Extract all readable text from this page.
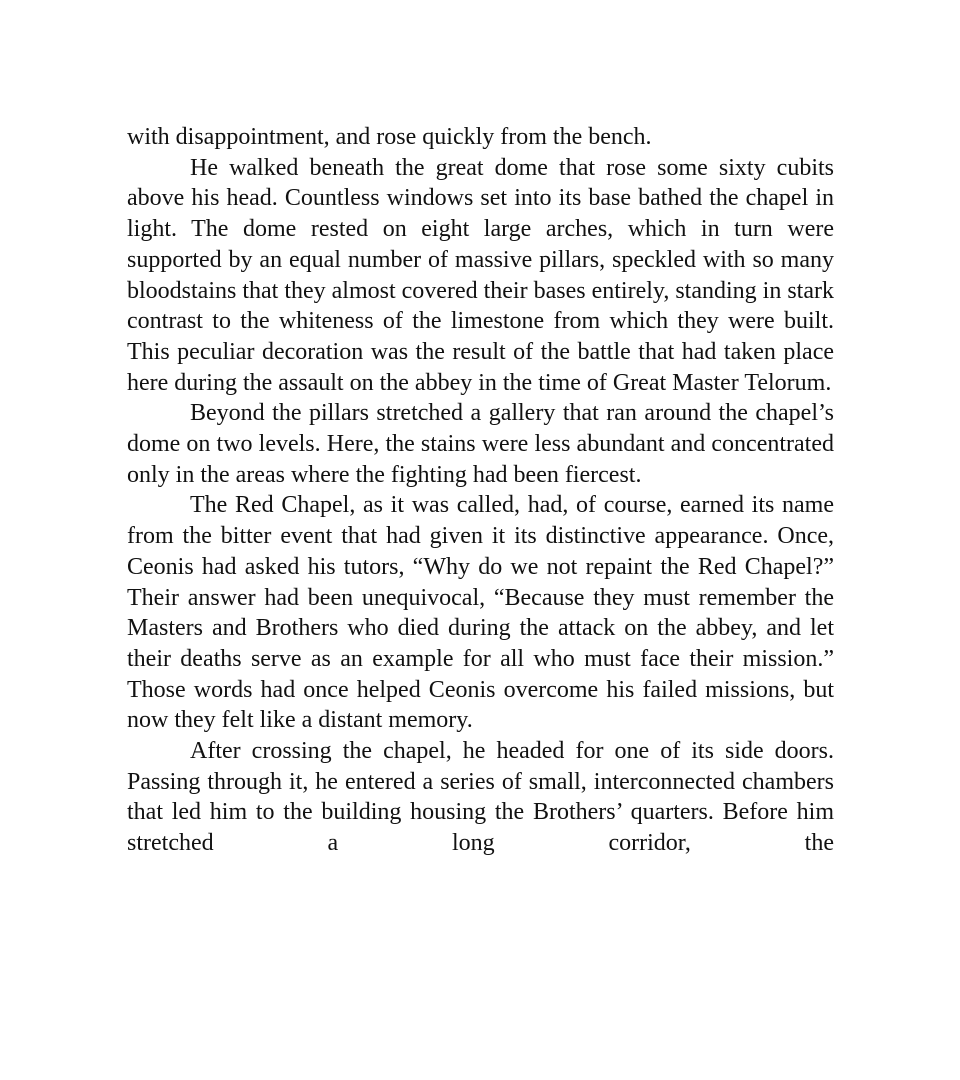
with disappointment, and rose quickly from the bench.

He walked beneath the great dome that rose some sixty cubits above his head. Countless windows set into its base bathed the chapel in light. The dome rested on eight large arches, which in turn were supported by an equal number of massive pillars, speckled with so many bloodstains that they almost covered their bases entirely, standing in stark contrast to the whiteness of the limestone from which they were built. This peculiar decoration was the result of the battle that had taken place here during the assault on the abbey in the time of Great Master Telorum.

Beyond the pillars stretched a gallery that ran around the chapel’s dome on two levels. Here, the stains were less abundant and concentrated only in the areas where the fighting had been fiercest.

The Red Chapel, as it was called, had, of course, earned its name from the bitter event that had given it its distinctive appearance. Once, Ceonis had asked his tutors, “Why do we not repaint the Red Chapel?” Their answer had been unequivocal, “Because they must remember the Masters and Brothers who died during the attack on the abbey, and let their deaths serve as an example for all who must face their mission.” Those words had once helped Ceonis overcome his failed missions, but now they felt like a distant memory.

After crossing the chapel, he headed for one of its side doors. Passing through it, he entered a series of small, interconnected chambers that led him to the building housing the Brothers’ quarters. Before him stretched a long corridor, the
